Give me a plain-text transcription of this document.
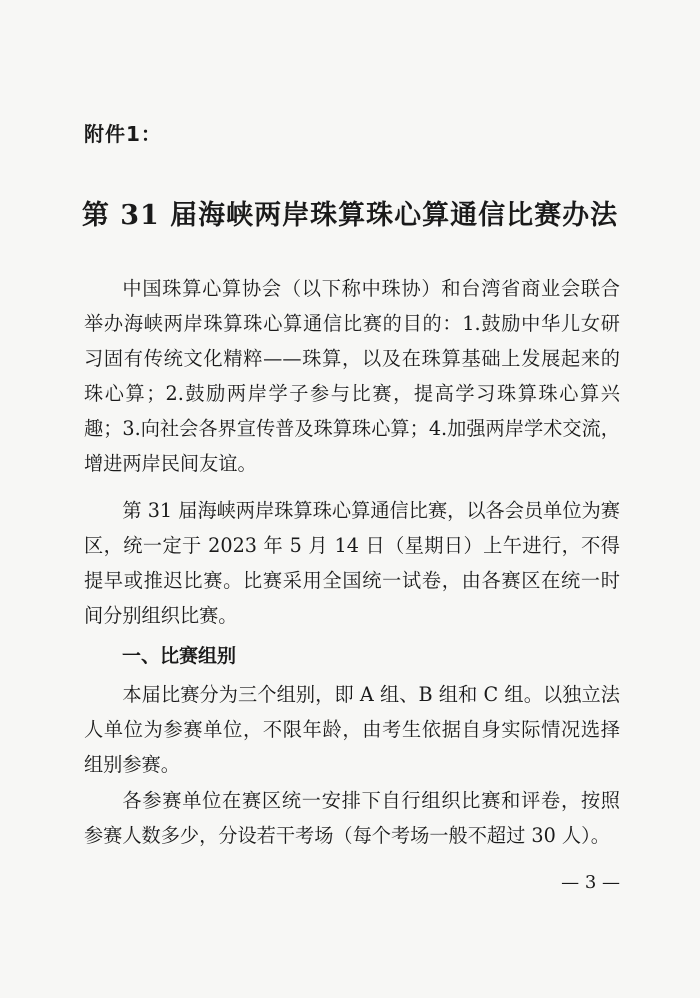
附件1：
第 31 届海峡两岸珠算珠心算通信比赛办法

中国珠算心算协会（以下称中珠协）和台湾省商业会联合举办海峡两岸珠算珠心算通信比赛的目的：1.鼓励中华儿女研习固有传统文化精粹——珠算，以及在珠算基础上发展起来的珠心算；2.鼓励两岸学子参与比赛，提高学习珠算珠心算兴趣；3.向社会各界宣传普及珠算珠心算；4.加强两岸学术交流，增进两岸民间友谊。

第 31 届海峡两岸珠算珠心算通信比赛，以各会员单位为赛区，统一定于 2023 年 5 月 14 日（星期日）上午进行，不得提早或推迟比赛。比赛采用全国统一试卷，由各赛区在统一时间分别组织比赛。

一、比赛组别

本届比赛分为三个组别，即 A 组、B 组和 C 组。以独立法人单位为参赛单位，不限年龄，由考生依据自身实际情况选择组别参赛。

各参赛单位在赛区统一安排下自行组织比赛和评卷，按照参赛人数多少，分设若干考场（每个考场一般不超过 30 人）。

— 3 —
